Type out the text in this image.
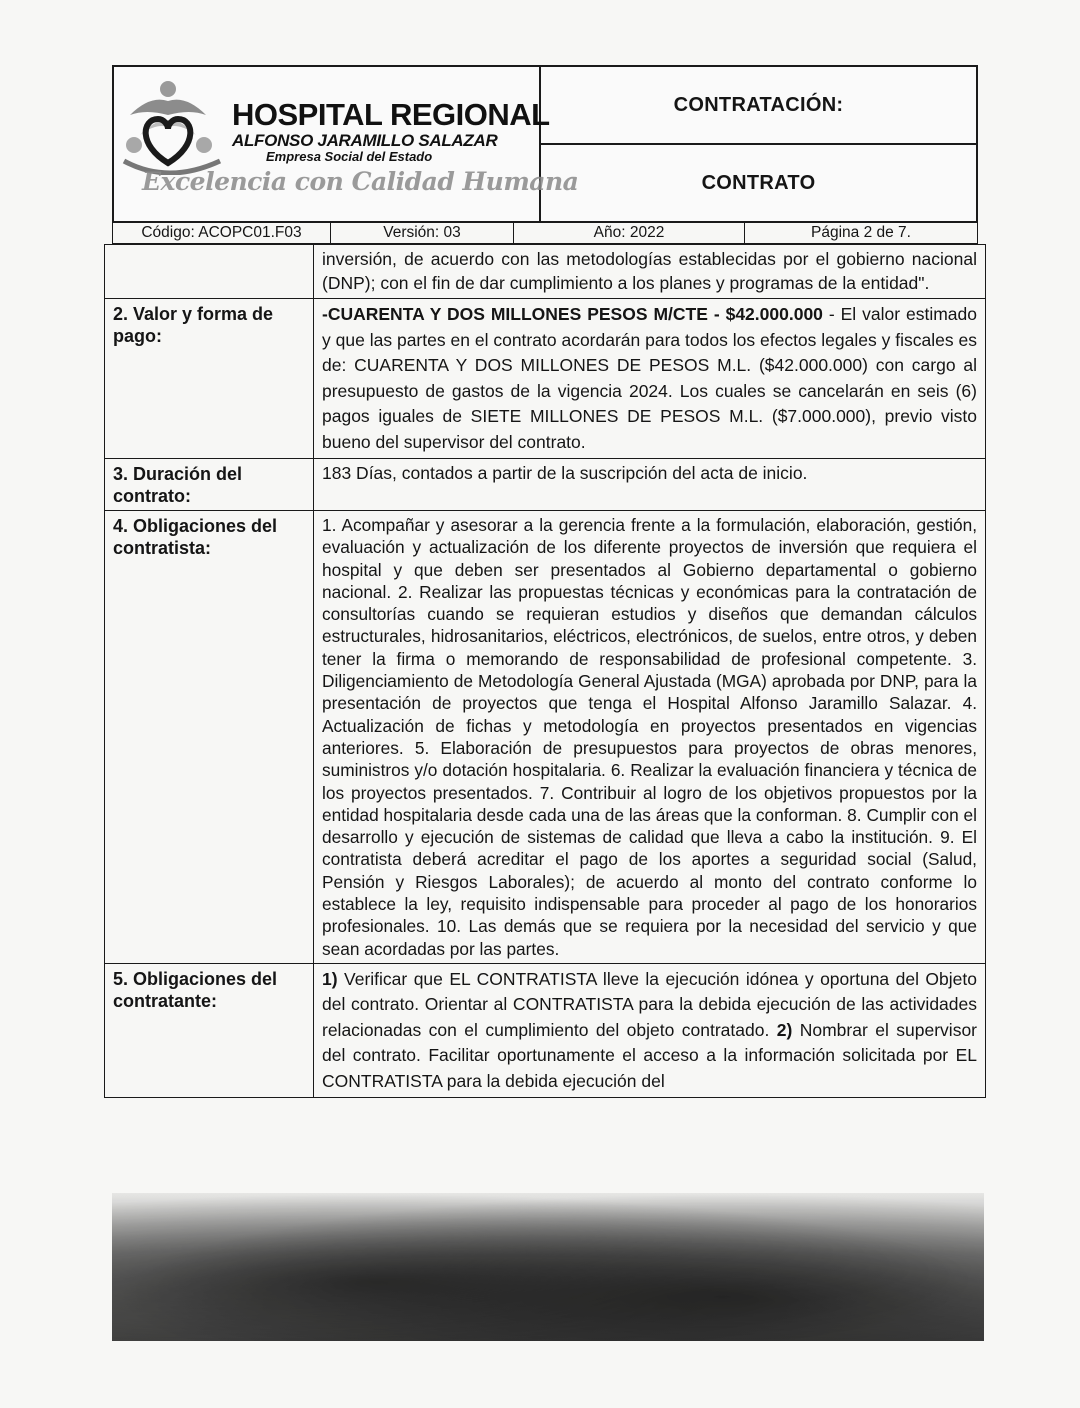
HOSPITAL REGIONAL
ALFONSO JARAMILLO SALAZAR
Empresa Social del Estado
Excelencia con Calidad Humana
CONTRATACIÓN:
CONTRATO
Código: ACOPC01.F03	Versión: 03	Año: 2022	Página 2 de 7.
	inversión, de acuerdo con las metodologías establecidas por el gobierno nacional (DNP); con el fin de dar cumplimiento a los planes y programas de la entidad".
2. Valor y forma de pago:	-CUARENTA Y DOS MILLONES PESOS M/CTE - $42.000.000 - El valor estimado y que las partes en el contrato acordarán para todos los efectos legales y fiscales es de: CUARENTA Y DOS MILLONES DE PESOS M.L. ($42.000.000) con cargo al presupuesto de gastos de la vigencia 2024. Los cuales se cancelarán en seis (6) pagos iguales de SIETE MILLONES DE PESOS M.L. ($7.000.000), previo visto bueno del supervisor del contrato.
3. Duración del contrato:	183 Días, contados a partir de la suscripción del acta de inicio.
4. Obligaciones del contratista:	1. Acompañar y asesorar a la gerencia frente a la formulación, elaboración, gestión, evaluación y actualización de los diferente proyectos de inversión que requiera el hospital y que deben ser presentados al Gobierno departamental o gobierno nacional. 2. Realizar las propuestas técnicas y económicas para la contratación de consultorías cuando se requieran estudios y diseños que demandan cálculos estructurales, hidrosanitarios, eléctricos, electrónicos, de suelos, entre otros, y deben tener la firma o memorando de responsabilidad de profesional competente. 3. Diligenciamiento de Metodología General Ajustada (MGA) aprobada por DNP, para la presentación de proyectos que tenga el Hospital Alfonso Jaramillo Salazar. 4. Actualización de fichas y metodología en proyectos presentados en vigencias anteriores. 5. Elaboración de presupuestos para proyectos de obras menores, suministros y/o dotación hospitalaria. 6. Realizar la evaluación financiera y técnica de los proyectos presentados. 7. Contribuir al logro de los objetivos propuestos por la entidad hospitalaria desde cada una de las áreas que la conforman. 8. Cumplir con el desarrollo y ejecución de sistemas de calidad que lleva a cabo la institución. 9. El contratista deberá acreditar el pago de los aportes a seguridad social (Salud, Pensión y Riesgos Laborales); de acuerdo al monto del contrato conforme lo establece la ley, requisito indispensable para proceder al pago de los honorarios profesionales. 10. Las demás que se requiera por la necesidad del servicio y que sean acordadas por las partes.
5. Obligaciones del contratante:	1) Verificar que EL CONTRATISTA lleve la ejecución idónea y oportuna del Objeto del contrato. Orientar al CONTRATISTA para la debida ejecución de las actividades relacionadas con el cumplimiento del objeto contratado. 2) Nombrar el supervisor del contrato. Facilitar oportunamente el acceso a la información solicitada por EL CONTRATISTA para la debida ejecución del
